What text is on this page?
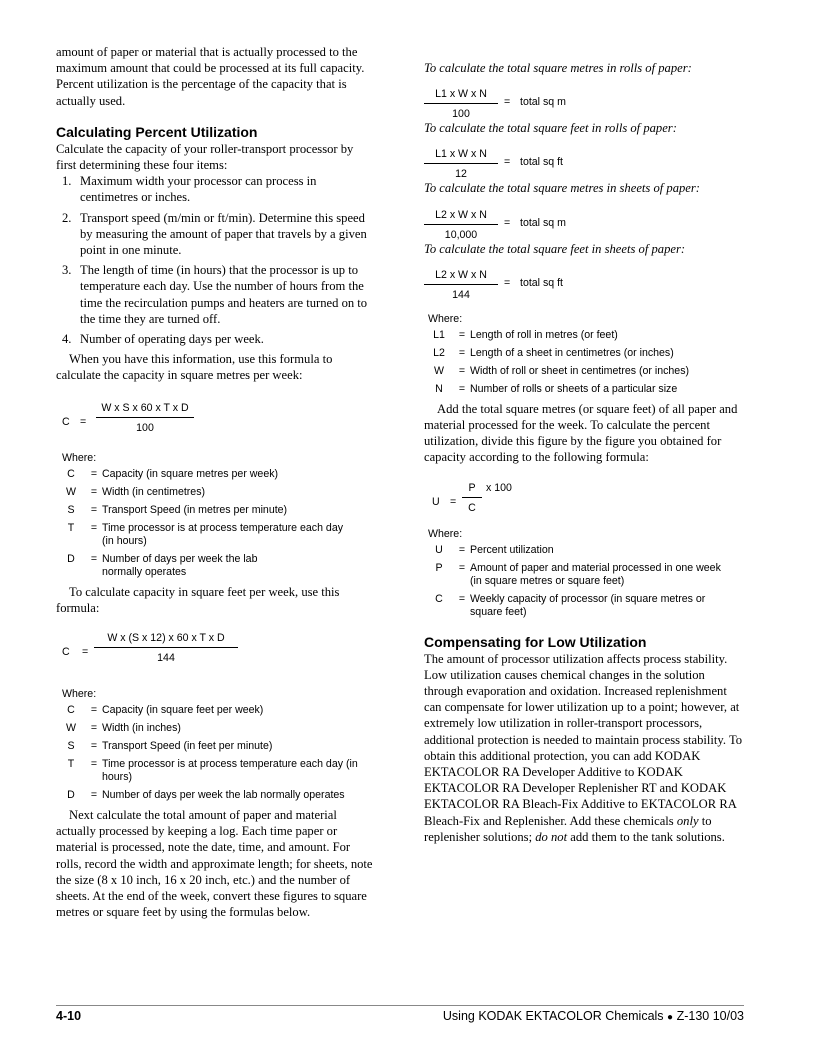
amount of paper or material that is actually processed to the maximum amount that could be processed at its full capacity. Percent utilization is the percentage of the capacity that is actually used.

Calculating Percent Utilization

Calculate the capacity of your roller-transport processor by first determining these four items:

1. Maximum width your processor can process in centimetres or inches.
2. Transport speed (m/min or ft/min). Determine this speed by measuring the amount of paper that travels by a given point in one minute.
3. The length of time (in hours) that the processor is up to temperature each day. Use the number of hours from the time the recirculation pumps and heaters are turned on to the time they are turned off.
4. Number of operating days per week.

When you have this information, use this formula to calculate the capacity in square metres per week:

C =
W x S x 60 x T x D
100
Where:
C	= Capacity (in square metres per week)
W	= Width (in centimetres)
S	= Transport Speed (in metres per minute)
T	= Time processor is at process temperature each day (in hours)
D	= Number of days per week the lab normally operates

To calculate capacity in square feet per week, use this formula:

C =
W x (S x 12) x 60 x T x D
144
Where:
C	= Capacity (in square feet per week)
W	= Width (in inches)
S	= Transport Speed (in feet per minute)
T	= Time processor is at process temperature each day (in hours)
D	= Number of days per week the lab normally operates

Next calculate the total amount of paper and material actually processed by keeping a log. Each time paper or material is processed, note the date, time, and amount. For rolls, record the width and approximate length; for sheets, note the size (8 x 10 inch, 16 x 20 inch, etc.) and the number of sheets. At the end of the week, convert these figures to square metres or square feet by using the formulas below.

To calculate the total square metres in rolls of paper:

L1 x W x N
100
= total sq m

To calculate the total square feet in rolls of paper:

L1 x W x N
12
= total sq ft

To calculate the total square metres in sheets of paper:

L2 x W x N
10,000
= total sq m

To calculate the total square feet in sheets of paper:

L2 x W x N
144
= total sq ft
Where:
L1	= Length of roll in metres (or feet)
L2	= Length of a sheet in centimetres (or inches)
W	= Width of roll or sheet in centimetres (or inches)
N	= Number of rolls or sheets of a particular size

Add the total square metres (or square feet) of all paper and material processed for the week. To calculate the percent utilization, divide this figure by the figure you obtained for capacity according to the following formula:

U =
P
C
x 100
Where:
U	= Percent utilization
P	= Amount of paper and material processed in one week (in square metres or square feet)
C	= Weekly capacity of processor (in square metres or square feet)
Compensating for Low Utilization

The amount of processor utilization affects process stability. Low utilization causes chemical changes in the solution through evaporation and oxidation. Increased replenishment can compensate for lower utilization up to a point; however, at extremely low utilization in roller-transport processors, additional protection is needed to maintain process stability. To obtain this additional protection, you can add KODAK EKTACOLOR RA Developer Additive to KODAK EKTACOLOR RA Developer Replenisher RT and KODAK EKTACOLOR RA Bleach-Fix Additive to EKTACOLOR RA Bleach-Fix and Replenisher. Add these chemicals only to replenisher solutions; do not add them to the tank solutions.

4-10	Using KODAK EKTACOLOR Chemicals ● Z-130 10/03
